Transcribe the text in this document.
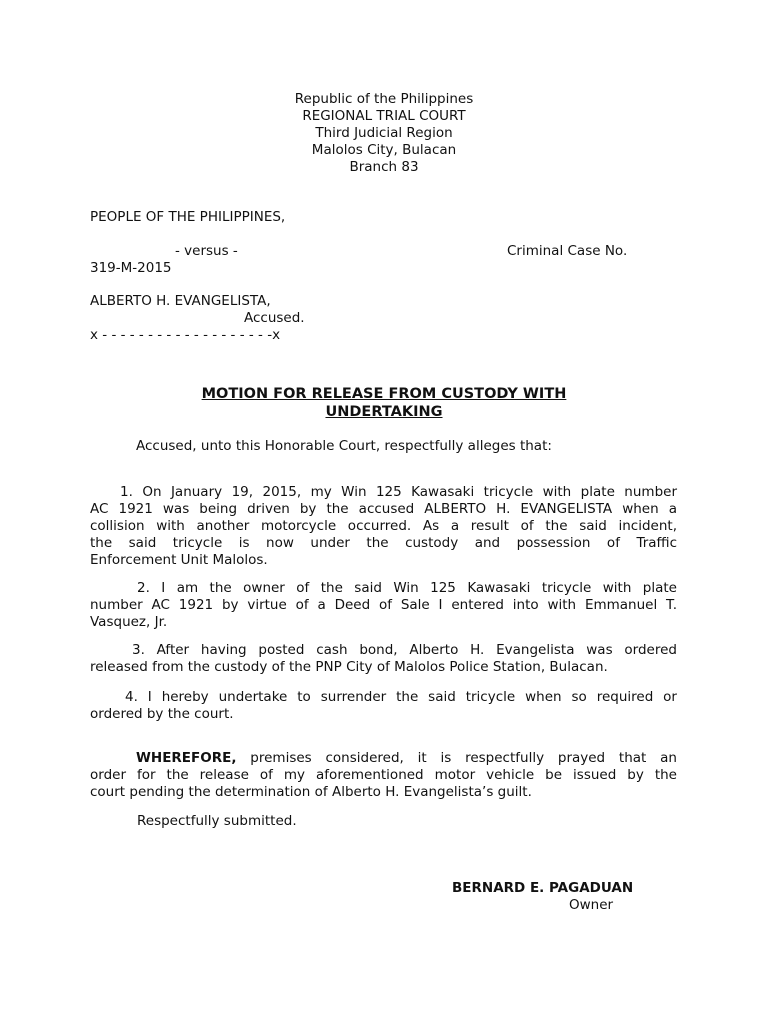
Republic of the Philippines
REGIONAL TRIAL COURT
Third Judicial Region
Malolos City, Bulacan
Branch 83
PEOPLE OF THE PHILIPPINES,
- versus -	Criminal Case No.
319-M-2015
ALBERTO H. EVANGELISTA,
Accused.
x - - - - - - - - - - - - - - - - - - -x
MOTION FOR RELEASE FROM CUSTODY WITH
UNDERTAKING
Accused, unto this Honorable Court, respectfully alleges that:
1. On January 19, 2015, my Win 125 Kawasaki tricycle with plate number
AC 1921 was being driven by the accused ALBERTO H. EVANGELISTA when a
collision with another motorcycle occurred. As a result of the said incident,
the said tricycle is now under the custody and possession of Traffic
Enforcement Unit Malolos.
2. I am the owner of the said Win 125 Kawasaki tricycle with plate
number AC 1921 by virtue of a Deed of Sale I entered into with Emmanuel T.
Vasquez, Jr.
3. After having posted cash bond, Alberto H. Evangelista was ordered
released from the custody of the PNP City of Malolos Police Station, Bulacan.
4. I hereby undertake to surrender the said tricycle when so required or
ordered by the court.
WHEREFORE, premises considered, it is respectfully prayed that an
order for the release of my aforementioned motor vehicle be issued by the
court pending the determination of Alberto H. Evangelista’s guilt.
Respectfully submitted.
BERNARD E. PAGADUAN
Owner
